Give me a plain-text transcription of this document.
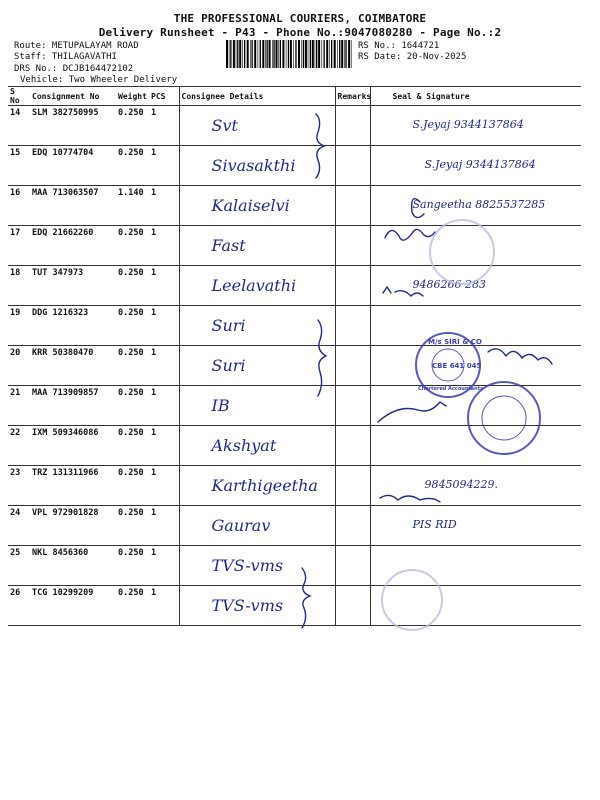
THE PROFESSIONAL COURIERS, COIMBATORE
Delivery Runsheet - P43 - Phone No.:9047080280 - Page No.:2
Route: METUPALAYAM ROAD
Staff: THILAGAVATHI
DRS No.: DCJB164472102
Vehicle: Two Wheeler Delivery
RS No.: 1644721
RS Date: 20-Nov-2025
S No	Consignment No	Weight	PCS	Consignee Details	Remarks	Seal & Signature
14	SLM 382750995	0.250	1	Svt		S.Jeyaj 9344137864
15	EDQ 10774704	0.250	1	Sivasakthi		S.Jeyaj 9344137864
16	MAA 713063507	1.140	1	Kalaiselvi		Sangeetha 8825537285
17	EDQ 21662260	0.250	1	Fast		
18	TUT 347973	0.250	1	Leelavathi		9486266 283
19	DDG 1216323	0.250	1	Suri		
20	KRR 50380470	0.250	1	Suri		
21	MAA 713909857	0.250	1	IB		
22	IXM 509346086	0.250	1	Akshyat		
23	TRZ 131311966	0.250	1	Karthigeetha		9845094229.
24	VPL 972901828	0.250	1	Gaurav		PIS RID
25	NKL 8456360	0.250	1	TVS-vms		
26	TCG 10299209	0.250	1	TVS-vms		
M/s SIRI & CO
CBE 641 045
Chartered Accountants
